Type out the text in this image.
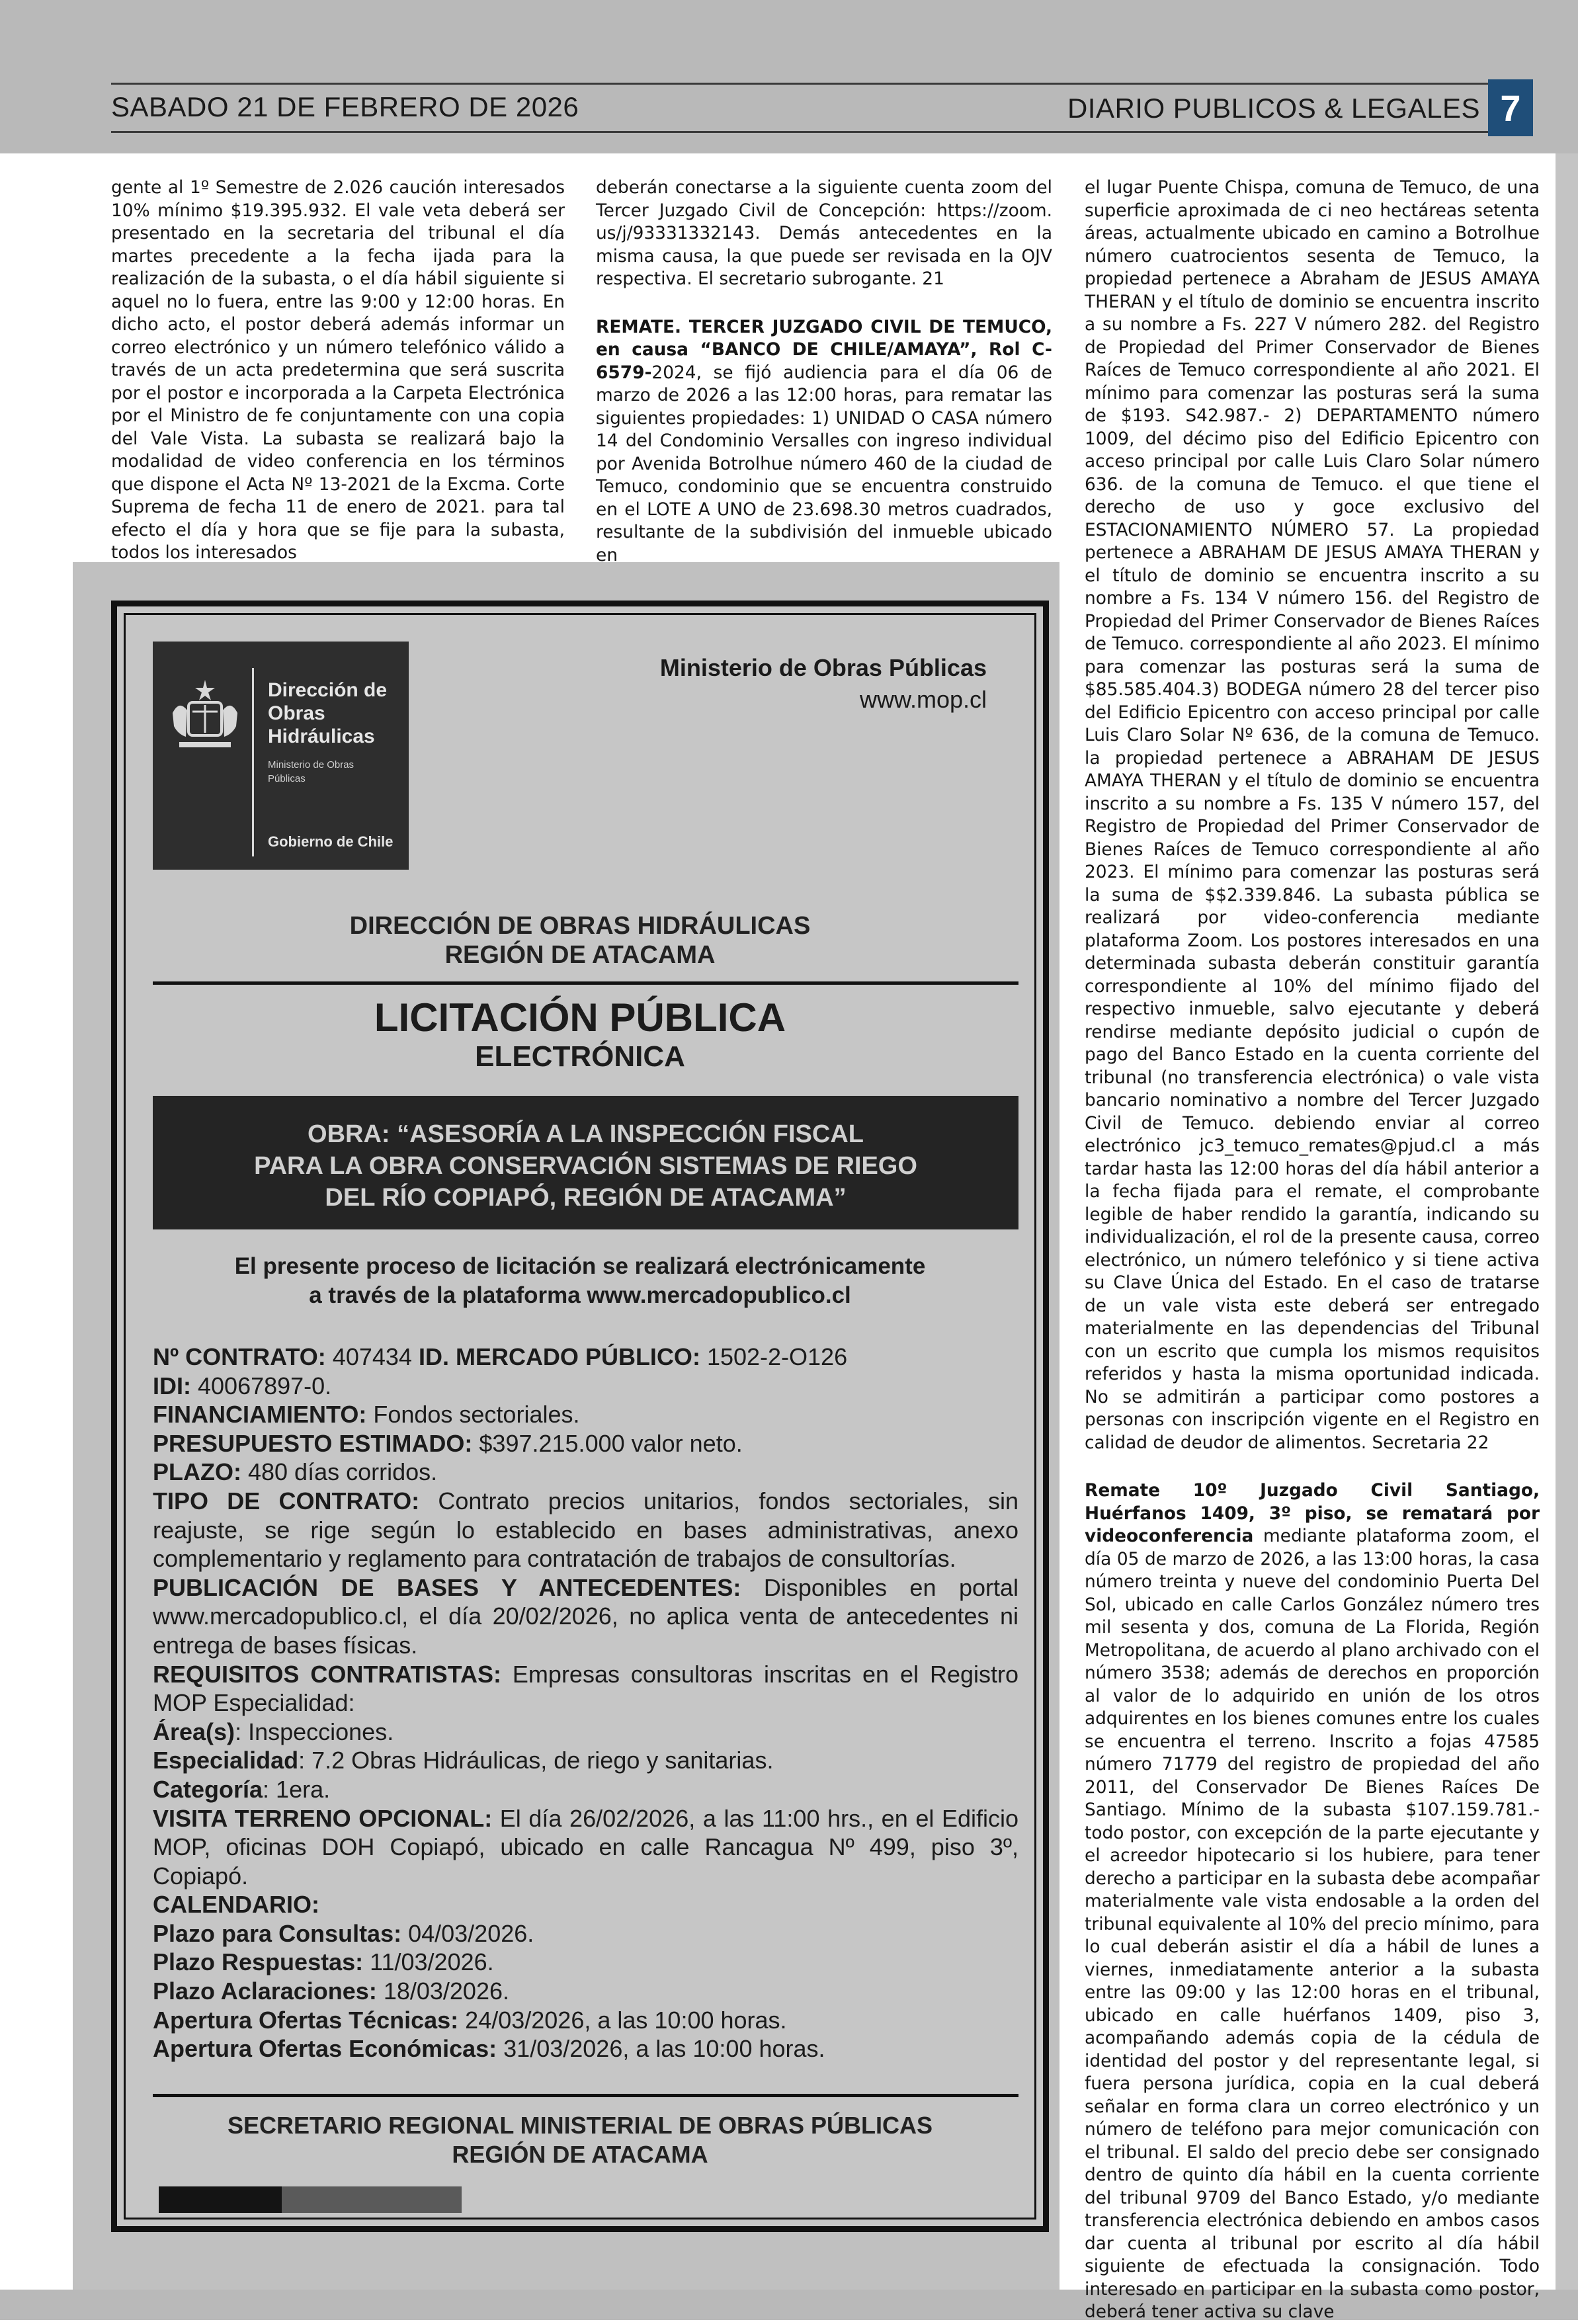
SABADO 21 DE FEBRERO DE 2026	DIARIO PUBLICOS & LEGALES 7

gente al 1º Semestre de 2.026 caución interesados 10% mínimo $19.395.932. El vale veta deberá ser presentado en la secretaria del tribunal el día martes precedente a la fecha ijada para la realización de la subasta, o el día hábil siguiente si aquel no lo fuera, entre las 9:00 y 12:00 horas. En dicho acto, el postor deberá además informar un correo electrónico y un número telefónico válido a través de un acta predetermina que será suscrita por el postor e incorporada a la Carpeta Electrónica por el Ministro de fe conjuntamente con una copia del Vale Vista. La subasta se realizará bajo la modalidad de video conferencia en los términos que dispone el Acta Nº 13-2021 de la Excma. Corte Suprema de fecha 11 de enero de 2021. para tal efecto el día y hora que se fije para la subasta, todos los interesados

deberán conectarse a la siguiente cuenta zoom del Tercer Juzgado Civil de Concepción: https://zoom. us/j/93331332143. Demás antecedentes en la misma causa, la que puede ser revisada en la OJV respectiva. El secretario subrogante. 21

REMATE. TERCER JUZGADO CIVIL DE TEMUCO, en causa “BANCO DE CHILE/AMAYA”, Rol C-6579-2024, se fijó audiencia para el día 06 de marzo de 2026 a las 12:00 horas, para rematar las siguientes propiedades: 1) UNIDAD O CASA número 14 del Condominio Versalles con ingreso individual por Avenida Botrolhue número 460 de la ciudad de Temuco, condominio que se encuentra construido en el LOTE A UNO de 23.698.30 metros cuadrados, resultante de la subdivisión del inmueble ubicado en

el lugar Puente Chispa, comuna de Temuco, de una superficie aproximada de ci neo hectáreas setenta áreas, actualmente ubicado en camino a Botrolhue número cuatrocientos sesenta de Temuco, la propiedad pertenece a Abraham de JESUS AMAYA THERAN y el título de dominio se encuentra inscrito a su nombre a Fs. 227 V número 282. del Registro de Propiedad del Primer Conservador de Bienes Raíces de Temuco correspondiente al año 2021. El mínimo para comenzar las posturas será la suma de $193. S42.987.- 2) DEPARTAMENTO número 1009, del décimo piso del Edificio Epicentro con acceso principal por calle Luis Claro Solar número 636. de la comuna de Temuco. el que tiene el derecho de uso y goce exclusivo del ESTACIONAMIENTO NÚMERO 57. La propiedad pertenece a ABRAHAM DE JESUS AMAYA THERAN y el título de dominio se encuentra inscrito a su nombre a Fs. 134 V número 156. del Registro de Propiedad del Primer Conservador de Bienes Raíces de Temuco. correspondiente al año 2023. El mínimo para comenzar las posturas será la suma de $85.585.404.3) BODEGA número 28 del tercer piso del Edificio Epicentro con acceso principal por calle Luis Claro Solar Nº 636, de la comuna de Temuco. la propiedad pertenece a ABRAHAM DE JESUS AMAYA THERAN y el título de dominio se encuentra inscrito a su nombre a Fs. 135 V número 157, del Registro de Propiedad del Primer Conservador de Bienes Raíces de Temuco correspondiente al año 2023. El mínimo para comenzar las posturas será la suma de $$2.339.846. La subasta pública se realizará por video-conferencia mediante plataforma Zoom. Los postores interesados en una determinada subasta deberán constituir garantía correspondiente al 10% del mínimo fijado del respectivo inmueble, salvo ejecutante y deberá rendirse mediante depósito judicial o cupón de pago del Banco Estado en la cuenta corriente del tribunal (no transferencia electrónica) o vale vista bancario nominativo a nombre del Tercer Juzgado Civil de Temuco. debiendo enviar al correo electrónico jc3_temuco_remates@pjud.cl a más tardar hasta las 12:00 horas del día hábil anterior a la fecha fijada para el remate, el comprobante legible de haber rendido la garantía, indicando su individualización, el rol de la presente causa, correo electrónico, un número telefónico y si tiene activa su Clave Única del Estado. En el caso de tratarse de un vale vista este deberá ser entregado materialmente en las dependencias del Tribunal con un escrito que cumpla los mismos requisitos referidos y hasta la misma oportunidad indicada. No se admitirán a participar como postores a personas con inscripción vigente en el Registro en calidad de deudor de alimentos. Secretaria 22

Remate 10º Juzgado Civil Santiago, Huérfanos 1409, 3º piso, se rematará por videoconferencia mediante plataforma zoom, el día 05 de marzo de 2026, a las 13:00 horas, la casa número treinta y nueve del condominio Puerta Del Sol, ubicado en calle Carlos González número tres mil sesenta y dos, comuna de La Florida, Región Metropolitana, de acuerdo al plano archivado con el número 3538; además de derechos en proporción al valor de lo adquirido en unión de los otros adquirentes en los bienes comunes entre los cuales se encuentra el terreno. Inscrito a fojas 47585 número 71779 del registro de propiedad del año 2011, del Conservador De Bienes Raíces De Santiago. Mínimo de la subasta $107.159.781.- todo postor, con excepción de la parte ejecutante y el acreedor hipotecario si los hubiere, para tener derecho a participar en la subasta debe acompañar materialmente vale vista endosable a la orden del tribunal equivalente al 10% del precio mínimo, para lo cual deberán asistir el día a hábil de lunes a viernes, inmediatamente anterior a la subasta entre las 09:00 y las 12:00 horas en el tribunal, ubicado en calle huérfanos 1409, piso 3, acompañando además copia de la cédula de identidad del postor y del representante legal, si fuera persona jurídica, copia en la cual deberá señalar en forma clara un correo electrónico y un número de teléfono para mejor comunicación con el tribunal. El saldo del precio debe ser consignado dentro de quinto día hábil en la cuenta corriente del tribunal 9709 del Banco Estado, y/o mediante transferencia electrónica debiendo en ambos casos dar cuenta al tribunal por escrito al día hábil siguiente de efectuada la consignación. Todo interesado en participar en la subasta como postor, deberá tener activa su clave

Dirección de
Obras
Hidráulicas
Ministerio de Obras
Públicas
Gobierno de Chile
Ministerio de Obras Públicas
www.mop.cl
DIRECCIÓN DE OBRAS HIDRÁULICAS
REGIÓN DE ATACAMA
LICITACIÓN PÚBLICA
ELECTRÓNICA
OBRA: “ASESORÍA A LA INSPECCIÓN FISCAL
PARA LA OBRA CONSERVACIÓN SISTEMAS DE RIEGO
DEL RÍO COPIAPÓ, REGIÓN DE ATACAMA”
El presente proceso de licitación se realizará electrónicamente
a través de la plataforma www.mercadopublico.cl
Nº CONTRATO: 407434 ID. MERCADO PÚBLICO: 1502-2-O126
IDI: 40067897-0.
FINANCIAMIENTO: Fondos sectoriales.
PRESUPUESTO ESTIMADO: $397.215.000 valor neto.
PLAZO: 480 días corridos.
TIPO DE CONTRATO: Contrato precios unitarios, fondos sectoriales, sin reajuste, se rige según lo establecido en bases administrativas, anexo complementario y reglamento para contratación de trabajos de consultorías.
PUBLICACIÓN DE BASES Y ANTECEDENTES: Disponibles en portal www.mercadopublico.cl, el día 20/02/2026, no aplica venta de antecedentes ni entrega de bases físicas.
REQUISITOS CONTRATISTAS: Empresas consultoras inscritas en el Registro MOP Especialidad:
Área(s): Inspecciones.
Especialidad: 7.2 Obras Hidráulicas, de riego y sanitarias.
Categoría: 1era.
VISITA TERRENO OPCIONAL: El día 26/02/2026, a las 11:00 hrs., en el Edificio MOP, oficinas DOH Copiapó, ubicado en calle Rancagua Nº 499, piso 3º, Copiapó.
CALENDARIO:
Plazo para Consultas: 04/03/2026.
Plazo Respuestas: 11/03/2026.
Plazo Aclaraciones: 18/03/2026.
Apertura Ofertas Técnicas: 24/03/2026, a las 10:00 horas.
Apertura Ofertas Económicas: 31/03/2026, a las 10:00 horas.
SECRETARIO REGIONAL MINISTERIAL DE OBRAS PÚBLICAS
REGIÓN DE ATACAMA
